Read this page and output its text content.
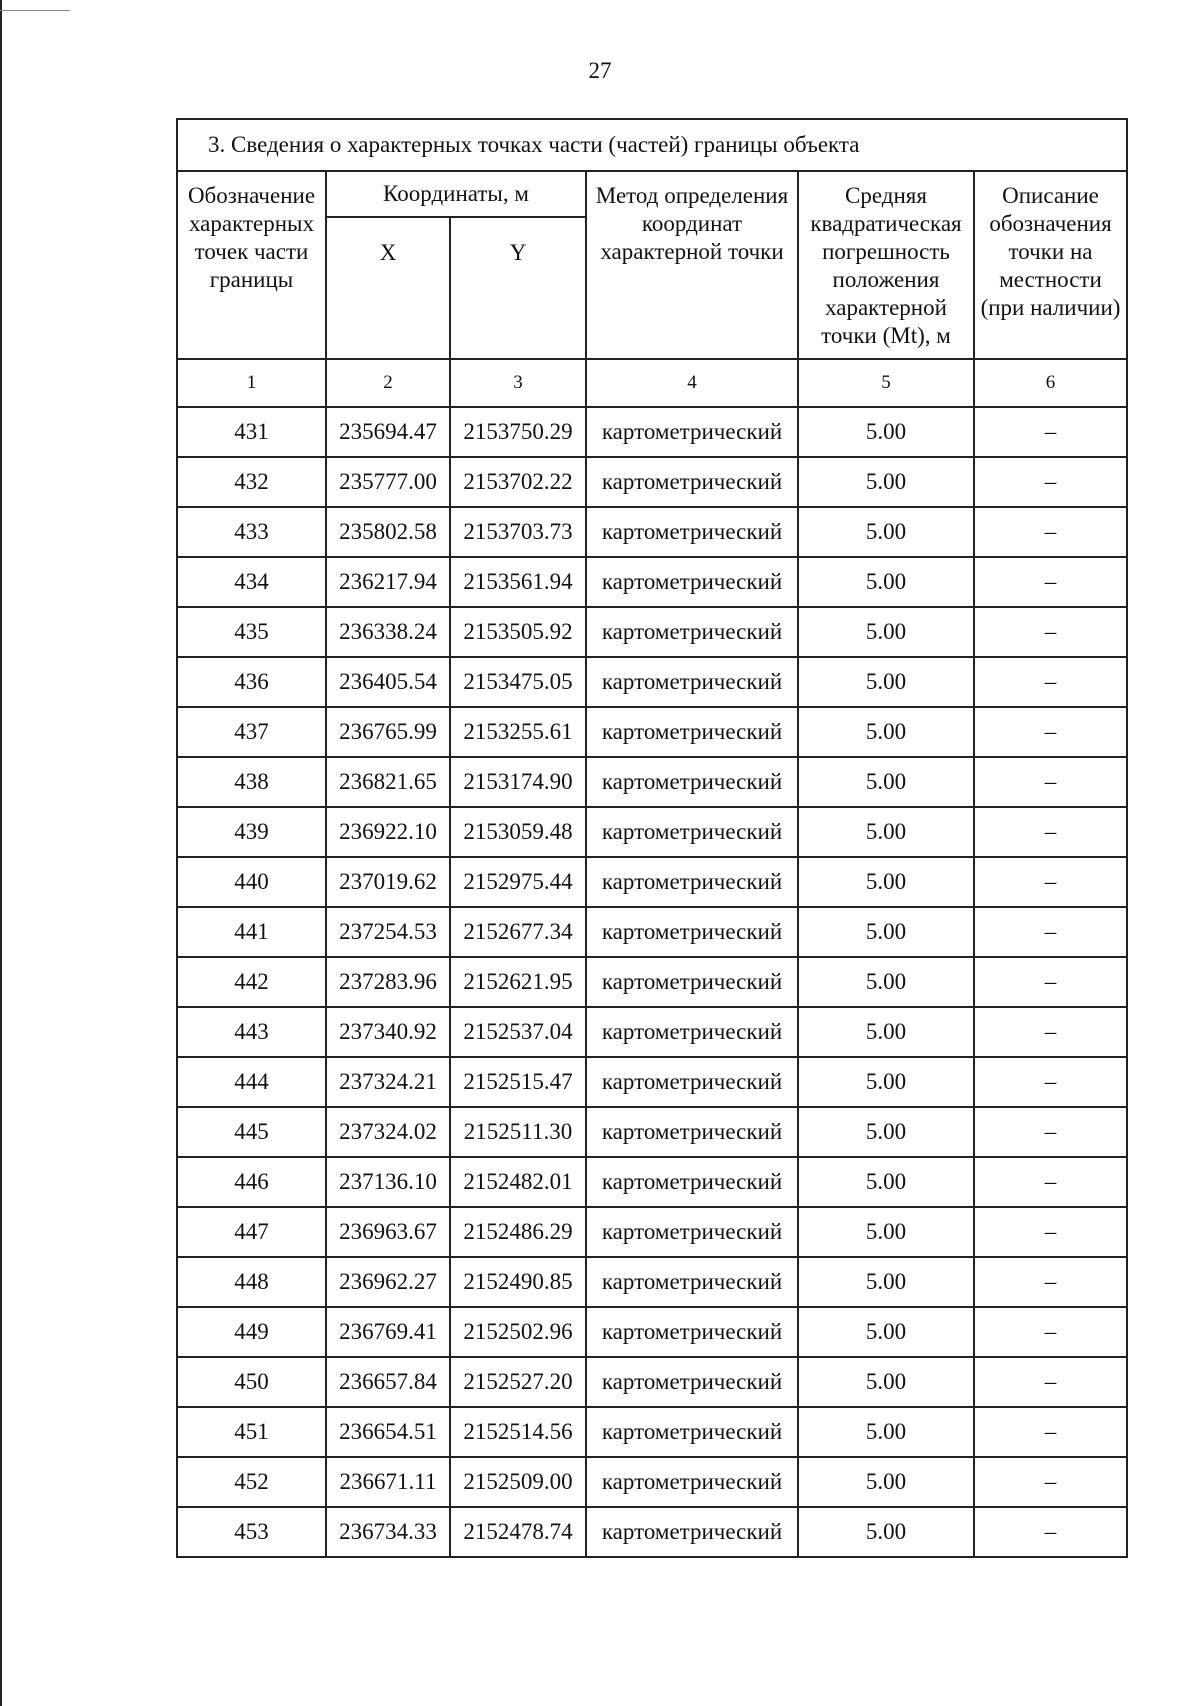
27
3. Сведения о характерных точках части (частей) границы объекта					
Обозначение характерных точек части границы	Координаты, м		Метод определения координат характерной точки	Средняя квадратическая погрешность положения характерной точки (Mt), м	Описание обозначения точки на местности (при наличии)
	X	Y			
1	2	3	4	5	6
431	235694.47	2153750.29	картометрический	5.00	–
432	235777.00	2153702.22	картометрический	5.00	–
433	235802.58	2153703.73	картометрический	5.00	–
434	236217.94	2153561.94	картометрический	5.00	–
435	236338.24	2153505.92	картометрический	5.00	–
436	236405.54	2153475.05	картометрический	5.00	–
437	236765.99	2153255.61	картометрический	5.00	–
438	236821.65	2153174.90	картометрический	5.00	–
439	236922.10	2153059.48	картометрический	5.00	–
440	237019.62	2152975.44	картометрический	5.00	–
441	237254.53	2152677.34	картометрический	5.00	–
442	237283.96	2152621.95	картометрический	5.00	–
443	237340.92	2152537.04	картометрический	5.00	–
444	237324.21	2152515.47	картометрический	5.00	–
445	237324.02	2152511.30	картометрический	5.00	–
446	237136.10	2152482.01	картометрический	5.00	–
447	236963.67	2152486.29	картометрический	5.00	–
448	236962.27	2152490.85	картометрический	5.00	–
449	236769.41	2152502.96	картометрический	5.00	–
450	236657.84	2152527.20	картометрический	5.00	–
451	236654.51	2152514.56	картометрический	5.00	–
452	236671.11	2152509.00	картометрический	5.00	–
453	236734.33	2152478.74	картометрический	5.00	–
